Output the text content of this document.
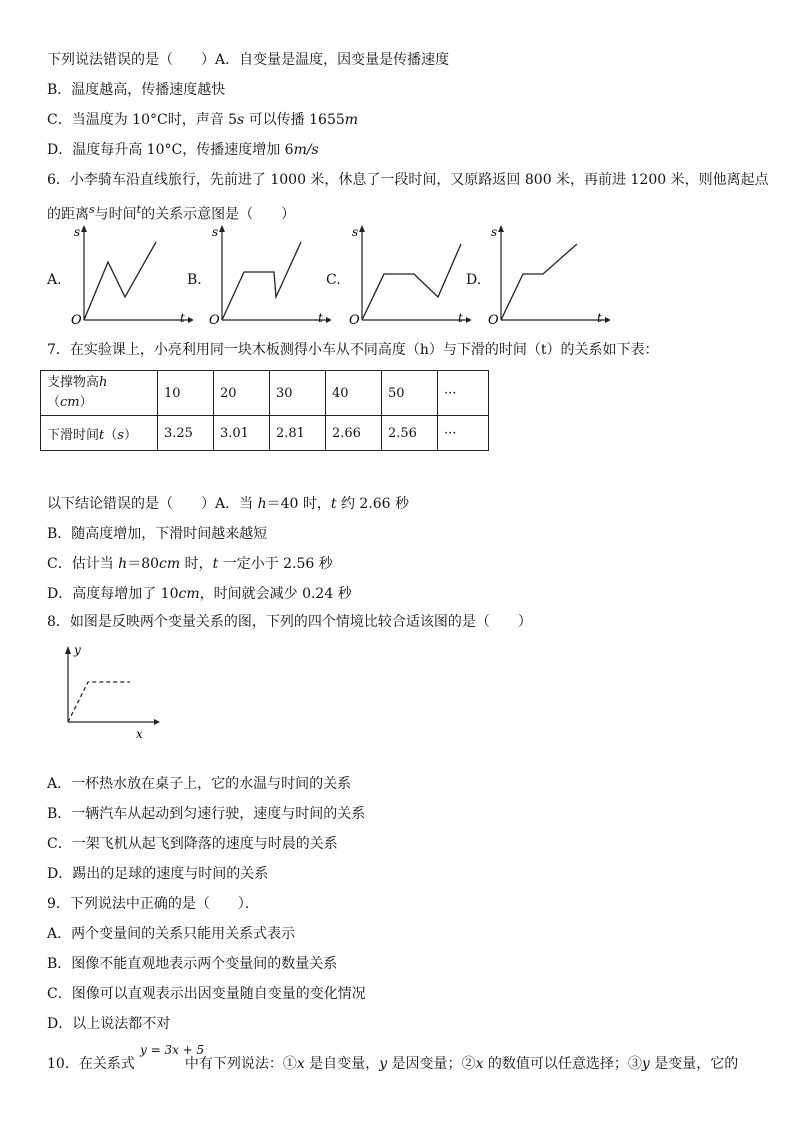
下列说法错误的是（　　）A．自变量是温度，因变量是传播速度
B．温度越高，传播速度越快
C．当温度为 10°C时，声音 5s 可以传播 1655m
D．温度每升高 10°C，传播速度增加 6m/s
6．小李骑车沿直线旅行，先前进了 1000 米，休息了一段时间，又原路返回 800 米，再前进 1200 米，则他离起点
的距离$^s$与时间$^t$的关系示意图是（　　）
A.
s
t
O
B.
s
t
O
C.
s
t
O
D.
s
t
O
7．在实验课上，小亮利用同一块木板测得小车从不同高度（h）与下滑的时间（t）的关系如下表：
支撑物高h
（cm）	10	20	30	40	50	···
下滑时间t（s）	3.25	3.01	2.81	2.66	2.56	···
以下结论错误的是（　　）A．当 h＝40 时，t 约 2.66 秒
B．随高度增加，下滑时间越来越短
C．估计当 h＝80cm 时，t 一定小于 2.56 秒
D．高度每增加了 10cm，时间就会减少 0.24 秒
8．如图是反映两个变量关系的图，下列的四个情境比较合适该图的是（　　）
y
x
A．一杯热水放在桌子上，它的水温与时间的关系
B．一辆汽车从起动到匀速行驶，速度与时间的关系
C．一架飞机从起飞到降落的速度与时晨的关系
D．踢出的足球的速度与时间的关系
9．下列说法中正确的是（　　）．
A．两个变量间的关系只能用关系式表示
B．图像不能直观地表示两个变量间的数量关系
C．图像可以直观表示出因变量随自变量的变化情况
D．以上说法都不对
y = 3x + 5
10．在关系式	中有下列说法：①x 是自变量，y 是因变量；②x 的数值可以任意选择；③y 是变量，它的
